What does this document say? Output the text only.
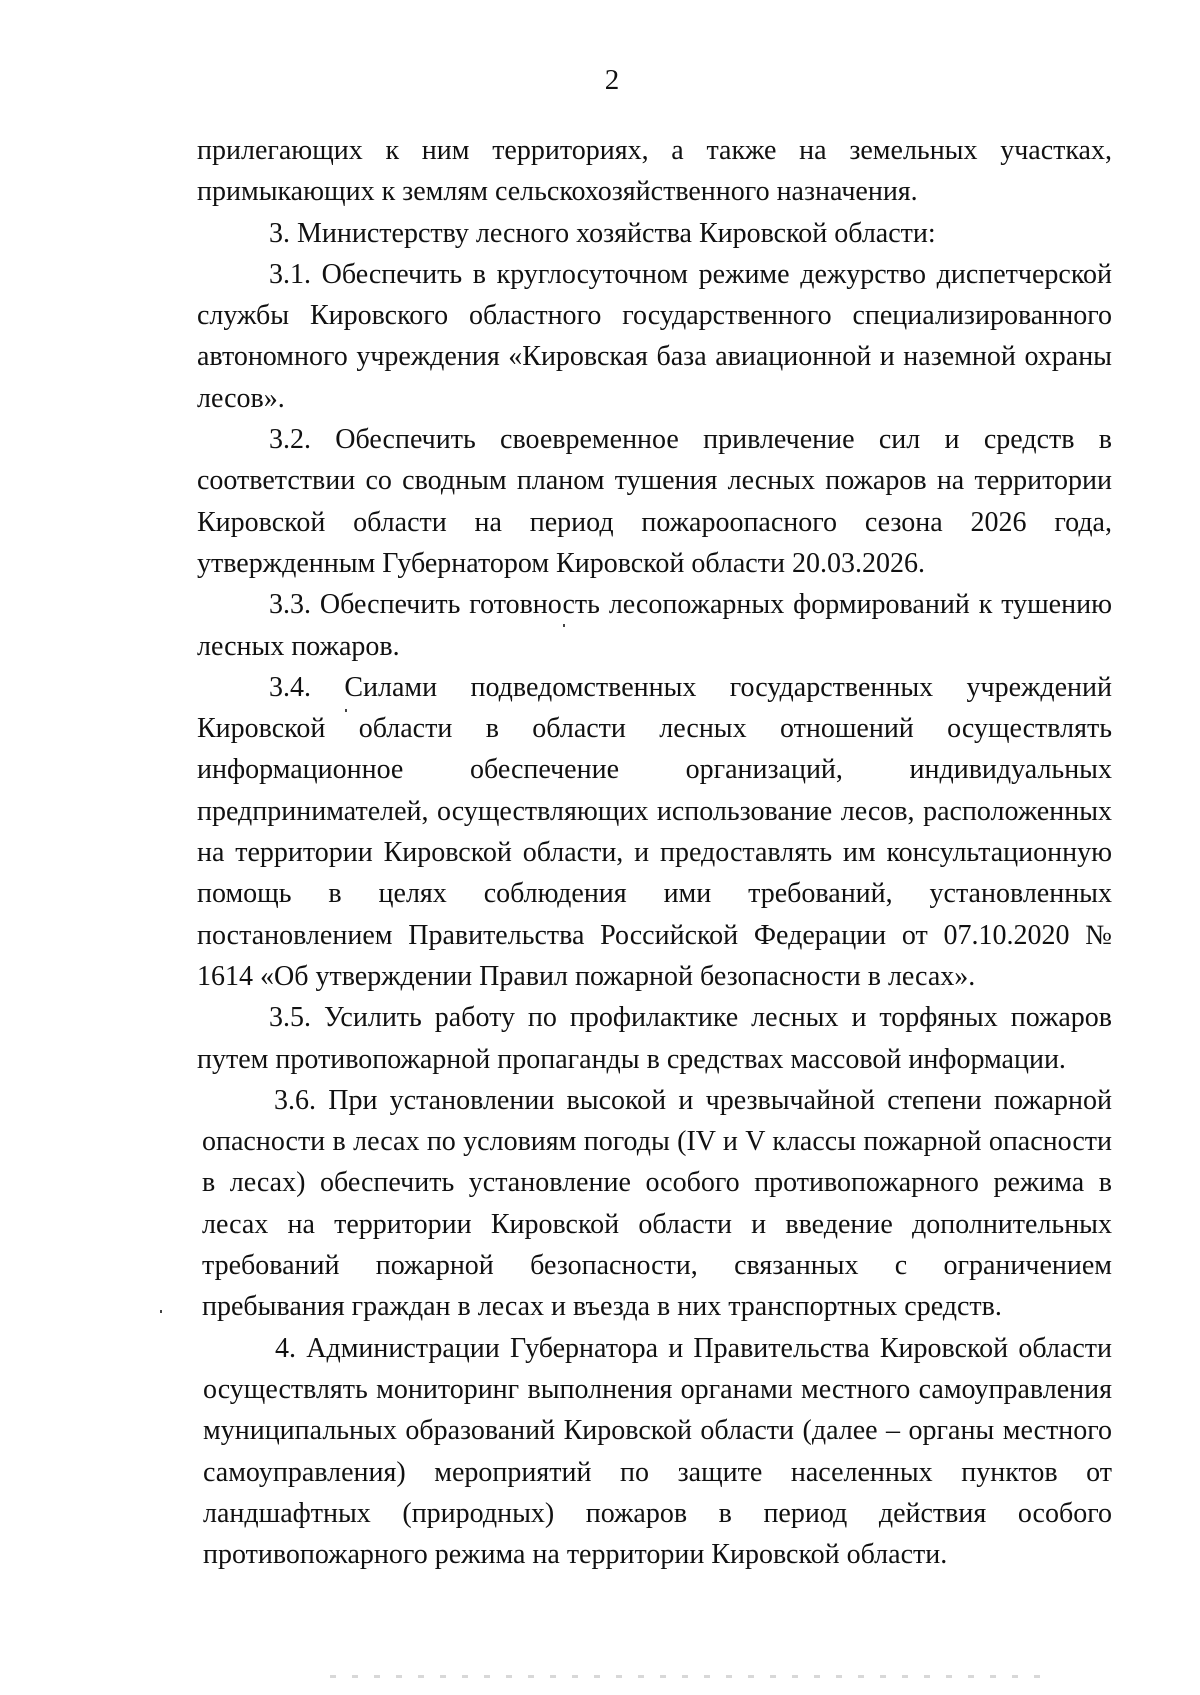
2

прилегающих к ним территориях, а также на земельных участках, примыкающих к землям сельскохозяйственного назначения.

3. Министерству лесного хозяйства Кировской области:

3.1. Обеспечить в круглосуточном режиме дежурство диспетчерской службы Кировского областного государственного специализированного автономного учреждения «Кировская база авиационной и наземной охраны лесов».

3.2. Обеспечить своевременное привлечение сил и средств в соответствии со сводным планом тушения лесных пожаров на территории Кировской области на период пожароопасного сезона 2026 года, утвержденным Губернатором Кировской области 20.03.2026.

3.3. Обеспечить готовность лесопожарных формирований к тушению лесных пожаров.

3.4. Силами подведомственных государственных учреждений Кировской области в области лесных отношений осуществлять информационное обеспечение организаций, индивидуальных предпринимателей, осуществляющих использование лесов, расположенных на территории Кировской области, и предоставлять им консультационную помощь в целях соблюдения ими требований, установленных постановлением Правительства Российской Федерации от 07.10.2020 № 1614 «Об утверждении Правил пожарной безопасности в лесах».

3.5. Усилить работу по профилактике лесных и торфяных пожаров путем противопожарной пропаганды в средствах массовой информации.

3.6. При установлении высокой и чрезвычайной степени пожарной опасности в лесах по условиям погоды (IV и V классы пожарной опасности в лесах) обеспечить установление особого противопожарного режима в лесах на территории Кировской области и введение дополнительных требований пожарной безопасности, связанных с ограничением пребывания граждан в лесах и въезда в них транспортных средств.

4. Администрации Губернатора и Правительства Кировской области осуществлять мониторинг выполнения органами местного самоуправления муниципальных образований Кировской области (далее – органы местного самоуправления) мероприятий по защите населенных пунктов от ландшафтных (природных) пожаров в период действия особого противопожарного режима на территории Кировской области.
